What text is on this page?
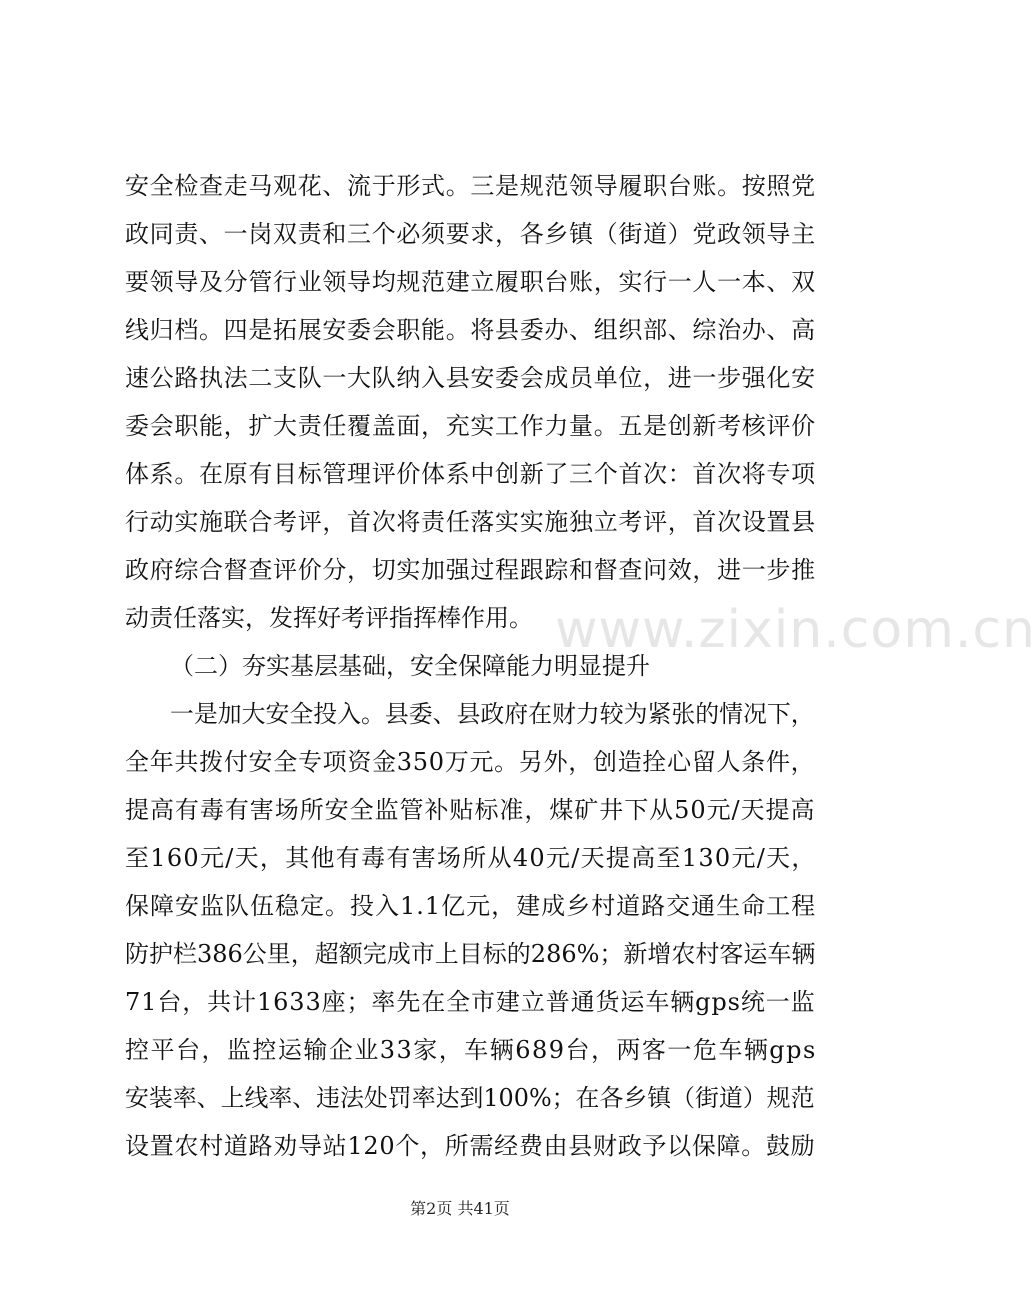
www.zixin.com.cn
安全检查走马观花、流于形式。三是规范领导履职台账。按照党
政同责、一岗双责和三个必须要求，各乡镇（街道）党政领导主
要领导及分管行业领导均规范建立履职台账，实行一人一本、双
线归档。四是拓展安委会职能。将县委办、组织部、综治办、高
速公路执法二支队一大队纳入县安委会成员单位，进一步强化安
委会职能，扩大责任覆盖面，充实工作力量。五是创新考核评价
体系。在原有目标管理评价体系中创新了三个首次：首次将专项
行动实施联合考评，首次将责任落实实施独立考评，首次设置县
政府综合督查评价分，切实加强过程跟踪和督查问效，进一步推
动责任落实，发挥好考评指挥棒作用。
（二）夯实基层基础，安全保障能力明显提升
一是加大安全投入。县委、县政府在财力较为紧张的情况下，
全年共拨付安全专项资金350万元。另外，创造拴心留人条件，
提高有毒有害场所安全监管补贴标准，煤矿井下从50元/天提高
至160元/天，其他有毒有害场所从40元/天提高至130元/天，
保障安监队伍稳定。投入1.1亿元，建成乡村道路交通生命工程
防护栏386公里，超额完成市上目标的286%；新增农村客运车辆
71台，共计1633座；率先在全市建立普通货运车辆gps统一监
控平台，监控运输企业33家，车辆689台，两客一危车辆gps
安装率、上线率、违法处罚率达到100%；在各乡镇（街道）规范
设置农村道路劝导站120个，所需经费由县财政予以保障。鼓励
第2页 共41页
